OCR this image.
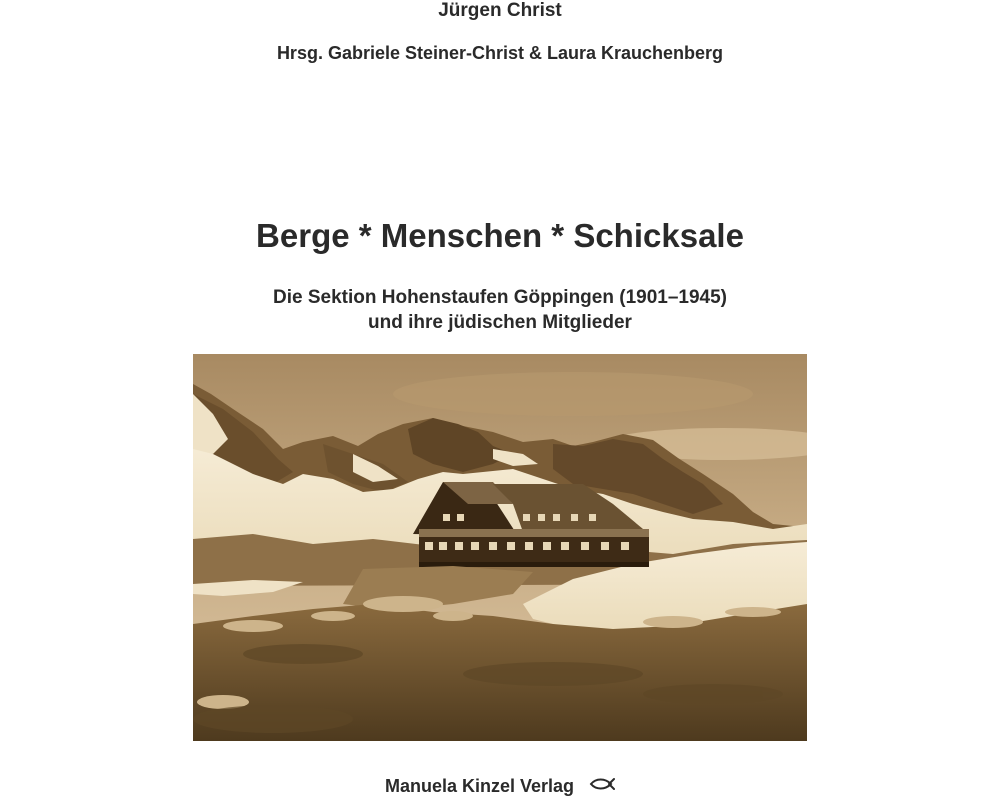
Jürgen Christ
Hrsg. Gabriele Steiner-Christ & Laura Krauchenberg
Berge * Menschen * Schicksale
Die Sektion Hohenstaufen Göppingen (1901–1945)
und ihre jüdischen Mitglieder
Manuela Kinzel Verlag
